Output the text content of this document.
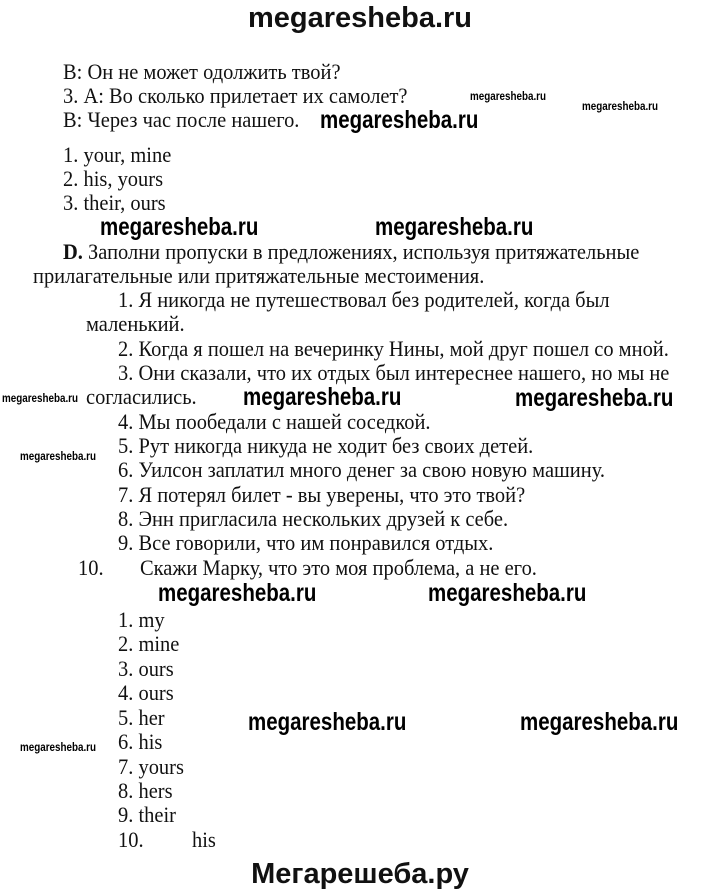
megaresheba.ru
В: Он не может одолжить твой?
3. А: Во сколько прилетает их самолет?
В: Через час после нашего.
1. your, mine
2. his, yours
3. their, ours
D. Заполни пропуски в предложениях, используя притяжательные
прилагательные или притяжательные местоимения.
1. Я никогда не путешествовал без родителей, когда был
маленький.
2. Когда я пошел на вечеринку Нины, мой друг пошел со мной.
3. Они сказали, что их отдых был интереснее нашего, но мы не
согласились.
4. Мы пообедали с нашей соседкой.
5. Рут никогда никуда не ходит без своих детей.
6. Уилсон заплатил много денег за свою новую машину.
7. Я потерял билет - вы уверены, что это твой?
8. Энн пригласила нескольких друзей к себе.
9. Все говорили, что им понравился отдых.
10. Скажи Марку, что это моя проблема, а не его.
1. my
2. mine
3. ours
4. ours
5. her
6. his
7. yours
8. hers
9. their
10. his
megaresheba.ru
megaresheba.ru	megaresheba.ru
megaresheba.ru	megaresheba.ru
megaresheba.ru	megaresheba.ru	megaresheba.ru
megaresheba.ru
megaresheba.ru	megaresheba.ru
megaresheba.ru	megaresheba.ru
megaresheba.ru
Мегарешеба.ру
